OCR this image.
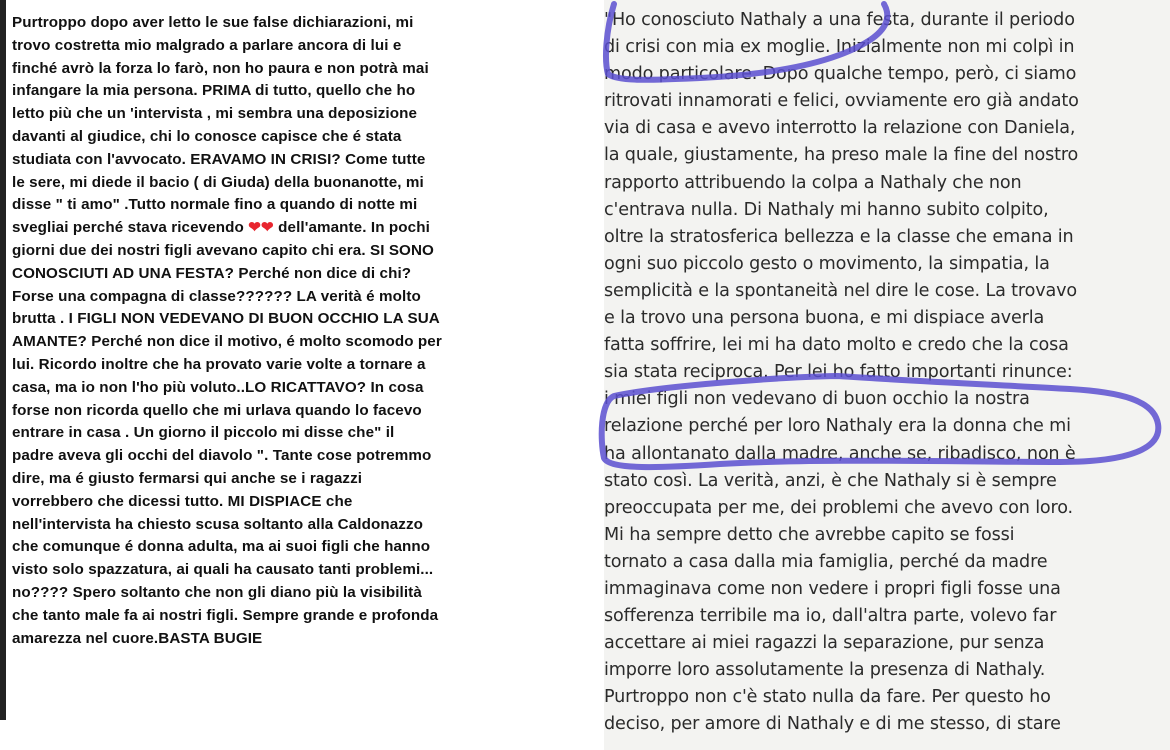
Purtroppo dopo aver letto le sue false dichiarazioni, mi
trovo costretta mio malgrado a parlare ancora di lui e
finché avrò la forza lo farò, non ho paura e non potrà mai
infangare la mia persona. PRIMA di tutto, quello che ho
letto più che un 'intervista , mi sembra una deposizione
davanti al giudice, chi lo conosce capisce che é stata
studiata con l'avvocato. ERAVAMO IN CRISI? Come tutte
le sere, mi diede il bacio ( di Giuda) della buonanotte, mi
disse " ti amo" .Tutto normale fino a quando di notte mi
svegliai perché stava ricevendo ❤❤ dell'amante. In pochi
giorni due dei nostri figli avevano capito chi era. SI SONO
CONOSCIUTI AD UNA FESTA? Perché non dice di chi?
Forse una compagna di classe?????? LA verità é molto
brutta . I FIGLI NON VEDEVANO DI BUON OCCHIO LA SUA
AMANTE? Perché non dice il motivo, é molto scomodo per
lui. Ricordo inoltre che ha provato varie volte a tornare a
casa, ma io non l'ho più voluto..LO RICATTAVO? In cosa
forse non ricorda quello che mi urlava quando lo facevo
entrare in casa . Un giorno il piccolo mi disse che" il
padre aveva gli occhi del diavolo ". Tante cose potremmo
dire, ma é giusto fermarsi qui anche se i ragazzi
vorrebbero che dicessi tutto. MI DISPIACE che
nell'intervista ha chiesto scusa soltanto alla Caldonazzo
che comunque é donna adulta, ma ai suoi figli che hanno
visto solo spazzatura, ai quali ha causato tanti problemi...
no???? Spero soltanto che non gli diano più la visibilità
che tanto male fa ai nostri figli. Sempre grande e profonda
amarezza nel cuore.BASTA BUGIE
"Ho conosciuto Nathaly a una festa, durante il periodo
di crisi con mia ex moglie. Inizialmente non mi colpì in
modo particolare. Dopo qualche tempo, però, ci siamo
ritrovati innamorati e felici, ovviamente ero già andato
via di casa e avevo interrotto la relazione con Daniela,
la quale, giustamente, ha preso male la fine del nostro
rapporto attribuendo la colpa a Nathaly che non
c'entrava nulla. Di Nathaly mi hanno subito colpito,
oltre la stratosferica bellezza e la classe che emana in
ogni suo piccolo gesto o movimento, la simpatia, la
semplicità e la spontaneità nel dire le cose. La trovavo
e la trovo una persona buona, e mi dispiace averla
fatta soffrire, lei mi ha dato molto e credo che la cosa
sia stata reciproca. Per lei ho fatto importanti rinunce:
i miei figli non vedevano di buon occhio la nostra
relazione perché per loro Nathaly era la donna che mi
ha allontanato dalla madre, anche se, ribadisco, non è
stato così. La verità, anzi, è che Nathaly si è sempre
preoccupata per me, dei problemi che avevo con loro.
Mi ha sempre detto che avrebbe capito se fossi
tornato a casa dalla mia famiglia, perché da madre
immaginava come non vedere i propri figli fosse una
sofferenza terribile ma io, dall'altra parte, volevo far
accettare ai miei ragazzi la separazione, pur senza
imporre loro assolutamente la presenza di Nathaly.
Purtroppo non c'è stato nulla da fare. Per questo ho
deciso, per amore di Nathaly e di me stesso, di stare
